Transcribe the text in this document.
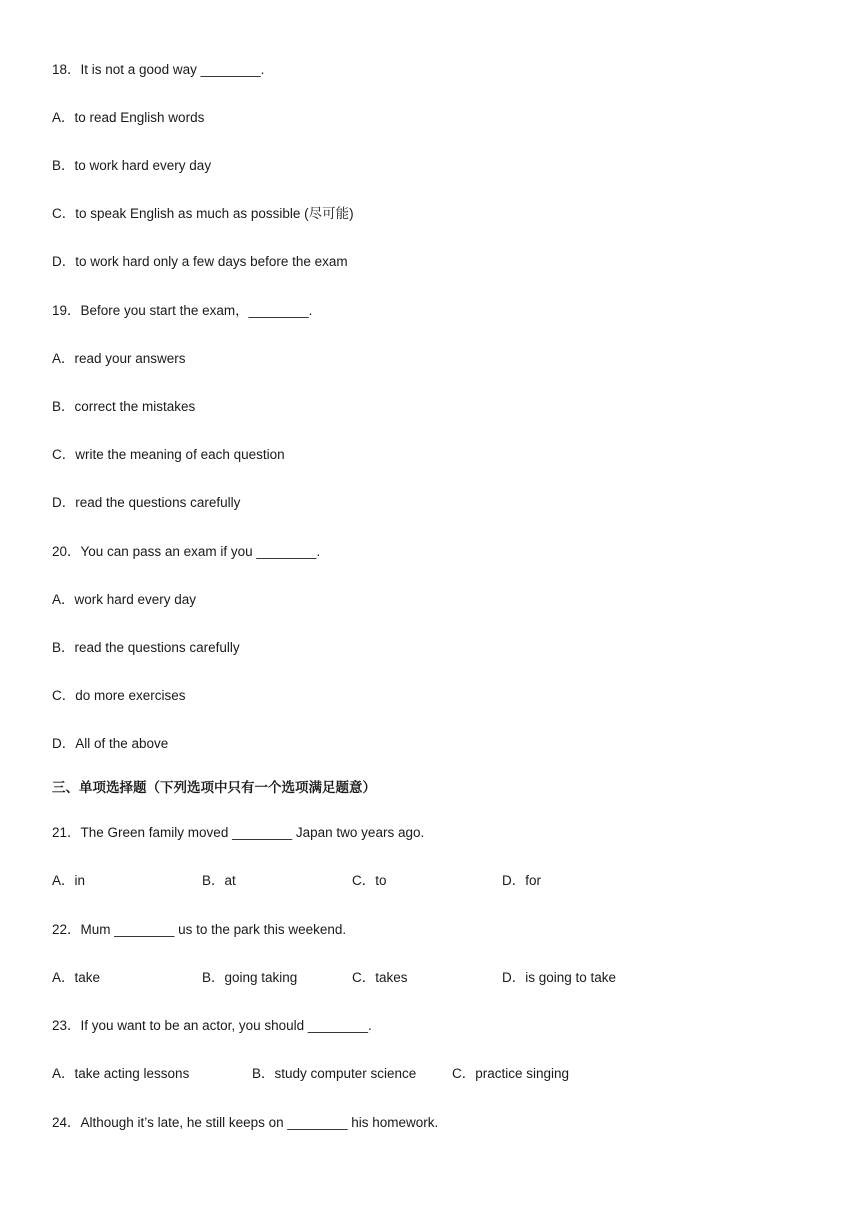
18．It is not a good way ________.
A．to read English words
B．to work hard every day
C．to speak English as much as possible (尽可能)
D．to work hard only a few days before the exam
19．Before you start the exam，________.
A．read your answers
B．correct the mistakes
C．write the meaning of each question
D．read the questions carefully
20．You can pass an exam if you ________.
A．work hard every day
B．read the questions carefully
C．do more exercises
D．All of the above
三、单项选择题（下列选项中只有一个选项满足题意）
21．The Green family moved ________ Japan two years ago.
A．in	B．at	C．to	D．for
22．Mum ________ us to the park this weekend.
A．take	B．going taking	C．takes	D．is going to take
23．If you want to be an actor, you should ________.
A．take acting lessons	B．study computer science	C．practice singing
24．Although it’s late, he still keeps on ________ his homework.
